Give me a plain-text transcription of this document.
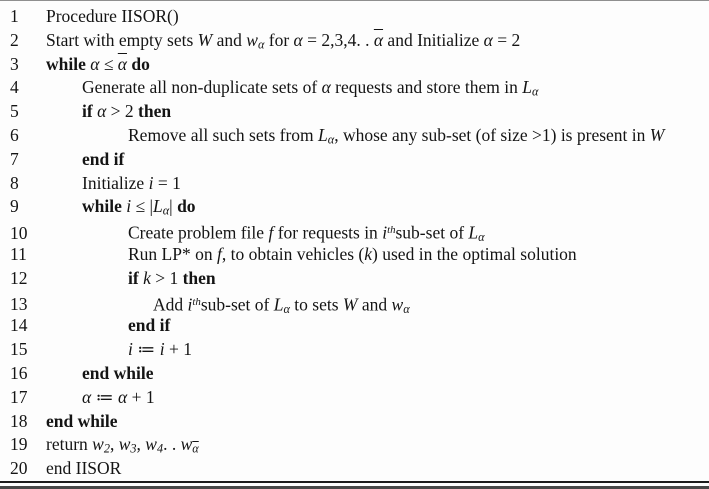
1	Procedure IISOR()
2	Start with empty sets W and wα for α = 2,3,4. . $\overline{\alpha}$ and Initialize α = 2
3	while $\alpha \le \overline{\alpha}$ do
4	Generate all non-duplicate sets of α requests and store them in Lα
5	if α > 2 then
6	Remove all such sets from Lα, whose any sub-set (of size >1) is present in W
7	end if
8	Initialize i = 1
9	while i ≤ |Lα| do
10	Create problem file f for requests in $i^{th}sub$-set of Lα
11	Run LP* on f, to obtain vehicles (k) used in the optimal solution
12	if k > 1 then
13	Add $i^{th}sub$-set of Lα to sets W and wα
14	end if
15	i ≔ i + 1
16	end while
17	α ≔ α + 1
18	end while
19	return w2, w3, w4. . $w\overline{\alpha}$
20	end IISOR
